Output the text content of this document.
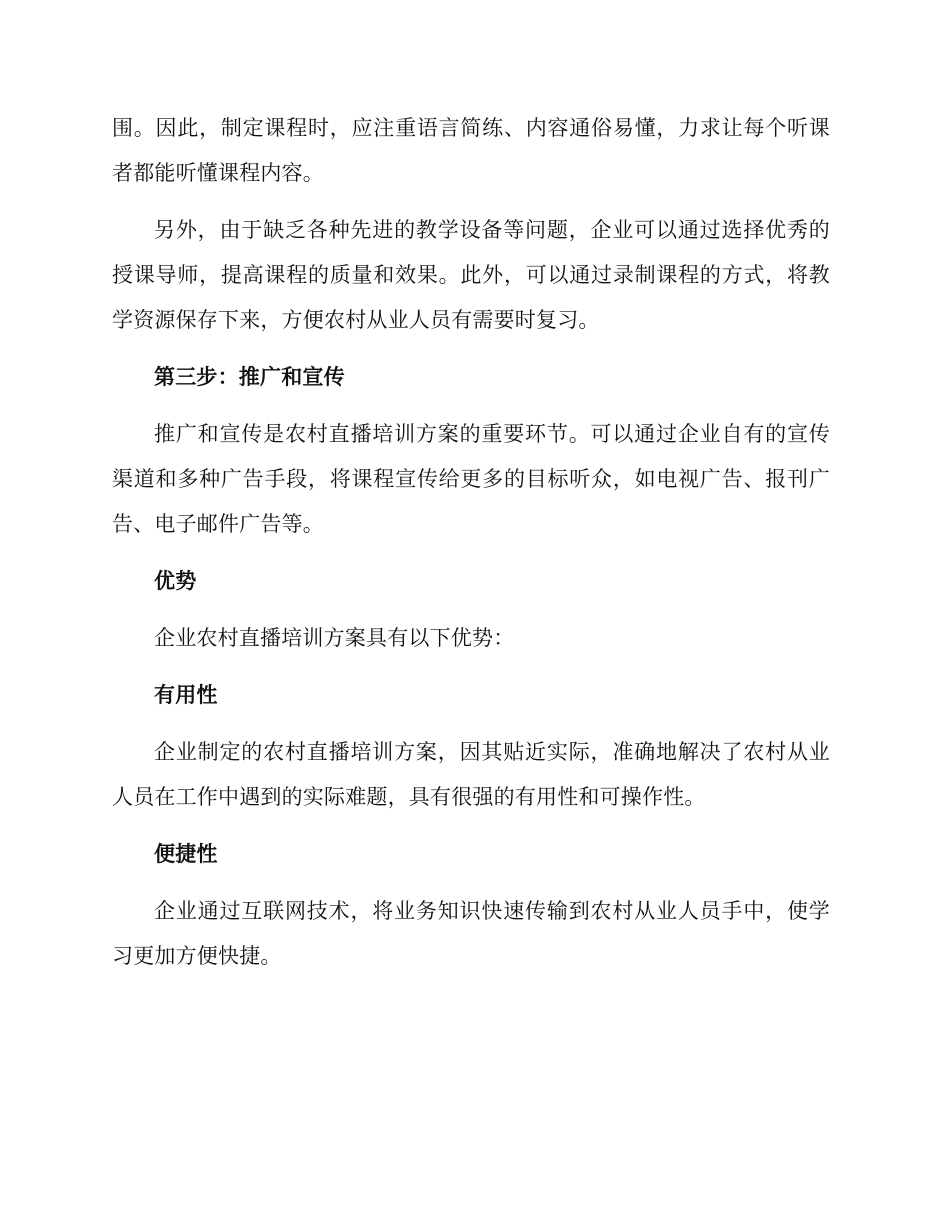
围。因此，制定课程时，应注重语言简练、内容通俗易懂，力求让每个听课者都能听懂课程内容。

另外，由于缺乏各种先进的教学设备等问题，企业可以通过选择优秀的授课导师，提高课程的质量和效果。此外，可以通过录制课程的方式，将教学资源保存下来，方便农村从业人员有需要时复习。

第三步：推广和宣传

推广和宣传是农村直播培训方案的重要环节。可以通过企业自有的宣传渠道和多种广告手段，将课程宣传给更多的目标听众，如电视广告、报刊广告、电子邮件广告等。

优势

企业农村直播培训方案具有以下优势：

有用性

企业制定的农村直播培训方案，因其贴近实际，准确地解决了农村从业人员在工作中遇到的实际难题，具有很强的有用性和可操作性。

便捷性

企业通过互联网技术，将业务知识快速传输到农村从业人员手中，使学习更加方便快捷。
